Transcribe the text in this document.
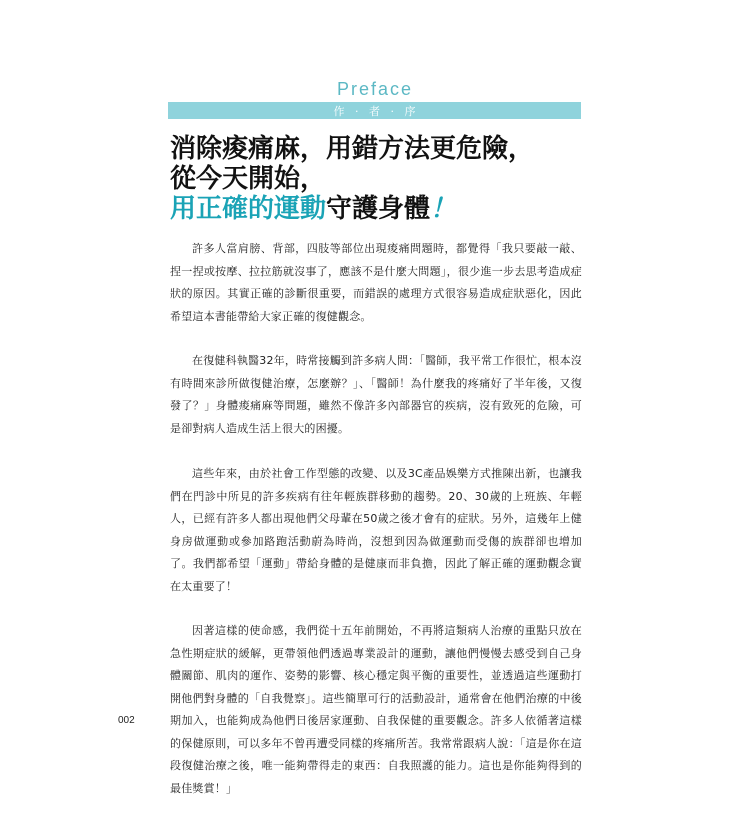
Preface
作   ·   者   ·   序
消除痠痛麻，用錯方法更危險，
從今天開始，
用正確的運動守護身體！

許多人當肩膀、背部，四肢等部位出現痠痛問題時，都覺得「我只要敲一敲、捏一捏或按摩、拉拉筋就沒事了，應該不是什麼大問題」，很少進一步去思考造成症狀的原因。其實正確的診斷很重要，而錯誤的處理方式很容易造成症狀惡化，因此希望這本書能帶給大家正確的復健觀念。

在復健科執醫32年，時常接觸到許多病人問：「醫師，我平常工作很忙，根本沒有時間來診所做復健治療，怎麼辦？」、「醫師！為什麼我的疼痛好了半年後，又復發了？」身體痠痛麻等問題，雖然不像許多內部器官的疾病，沒有致死的危險，可是卻對病人造成生活上很大的困擾。

這些年來，由於社會工作型態的改變、以及3C產品娛樂方式推陳出新，也讓我們在門診中所見的許多疾病有往年輕族群移動的趨勢。20、30歲的上班族、年輕人，已經有許多人都出現他們父母輩在50歲之後才會有的症狀。另外，這幾年上健身房做運動或參加路跑活動蔚為時尚，沒想到因為做運動而受傷的族群卻也增加了。我們都希望「運動」帶給身體的是健康而非負擔，因此了解正確的運動觀念實在太重要了！

因著這樣的使命感，我們從十五年前開始，不再將這類病人治療的重點只放在急性期症狀的緩解，更帶領他們透過專業設計的運動，讓他們慢慢去感受到自己身體關節、肌肉的運作、姿勢的影響、核心穩定與平衡的重要性，並透過這些運動打開他們對身體的「自我覺察」。這些簡單可行的活動設計，通常會在他們治療的中後期加入，也能夠成為他們日後居家運動、自我保健的重要觀念。許多人依循著這樣的保健原則，可以多年不曾再遭受同樣的疼痛所苦。我常常跟病人說：「這是你在這段復健治療之後，唯一能夠帶得走的東西：自我照護的能力。這也是你能夠得到的最佳獎賞！」

002
